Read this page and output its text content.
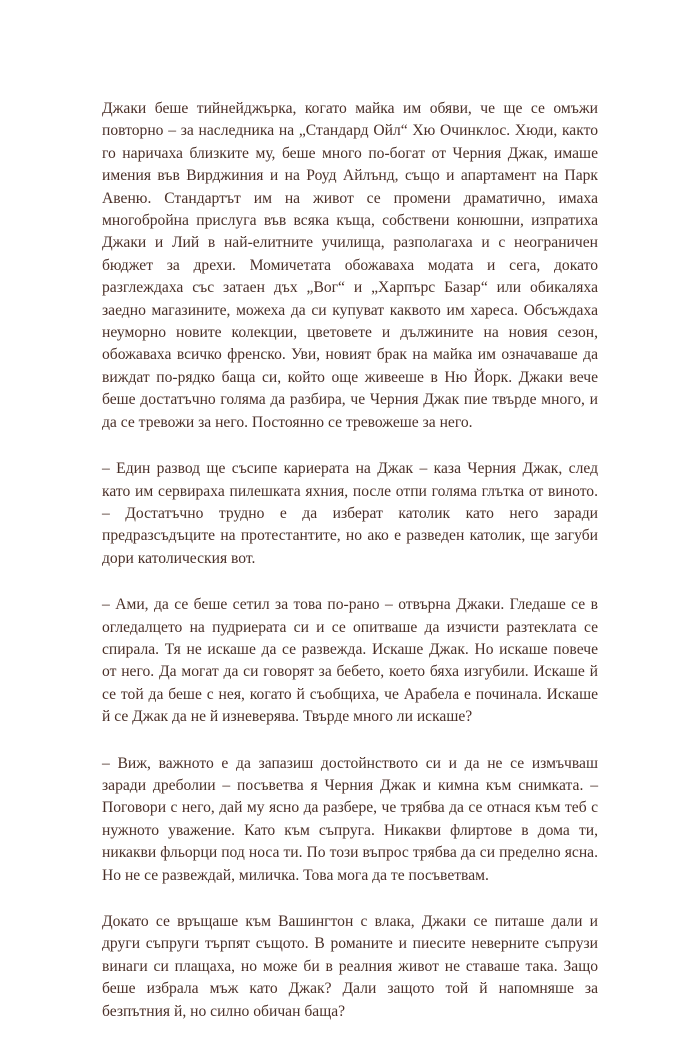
Джаки беше тийнейджърка, когато майка им обяви, че ще се омъжи
повторно – за наследника на „Стандард Ойл“ Хю Очинклос. Хюди, както
го наричаха близките му, беше много по-богат от Черния Джак, имаше
имения във Вирджиния и на Роуд Айлънд, също и апартамент на Парк
Авеню. Стандартът им на живот се промени драматично, имаха
многобройна прислуга във всяка къща, собствени конюшни, изпратиха
Джаки и Лий в най-елитните училища, разполагаха и с неограничен
бюджет за дрехи. Момичетата обожаваха модата и сега, докато
разглеждаха със затаен дъх „Вог“ и „Харпърс Базар“ или обикаляха
заедно магазините, можеха да си купуват каквото им хареса. Обсъждаха
неуморно новите колекции, цветовете и дължините на новия сезон,
обожаваха всичко френско. Уви, новият брак на майка им означаваше да
виждат по-рядко баща си, който още живееше в Ню Йорк. Джаки вече
беше достатъчно голяма да разбира, че Черния Джак пие твърде много, и
да се тревожи за него. Постоянно се тревожеше за него.

– Един развод ще съсипе кариерата на Джак – каза Черния Джак, след
като им сервираха пилешката яхния, после отпи голяма глътка от виното.
– Достатъчно трудно е да изберат католик като него заради
предразсъдъците на протестантите, но ако е разведен католик, ще загуби
дори католическия вот.

– Ами, да се беше сетил за това по-рано – отвърна Джаки. Гледаше се в
огледалцето на пудриерата си и се опитваше да изчисти разтеклата се
спирала. Тя не искаше да се развежда. Искаше Джак. Но искаше повече
от него. Да могат да си говорят за бебето, което бяха изгубили. Искаше й
се той да беше с нея, когато й съобщиха, че Арабела е починала. Искаше
й се Джак да не й изневерява. Твърде много ли искаше?

– Виж, важното е да запазиш достойнството си и да не се измъчваш
заради дреболии – посъветва я Черния Джак и кимна към снимката. –
Поговори с него, дай му ясно да разбере, че трябва да се отнася към теб с
нужното уважение. Като към съпруга. Никакви флиртове в дома ти,
никакви фльорци под носа ти. По този въпрос трябва да си пределно ясна.
Но не се развеждай, миличка. Това мога да те посъветвам.

Докато се връщаше към Вашингтон с влака, Джаки се питаше дали и
други съпруги търпят същото. В романите и пиесите неверните съпрузи
винаги си плащаха, но може би в реалния живот не ставаше така. Защо
беше избрала мъж като Джак? Дали защото той й напомняше за
безпътния й, но силно обичан баща?
